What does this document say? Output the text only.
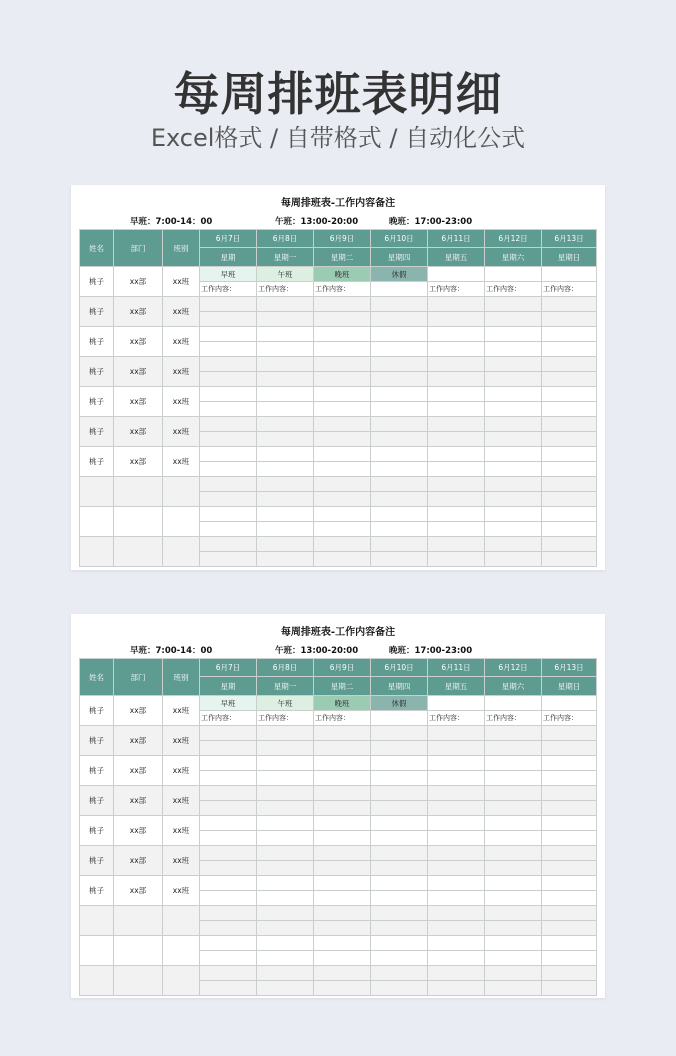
每周排班表明细
Excel格式 / 自带格式 / 自动化公式
每周排班表-工作内容备注
早班：7:00-14：00	午班：13:00-20:00	晚班：17:00-23:00
姓名	部门	班别	6月7日	6月8日	6月9日	6月10日	6月11日	6月12日	6月13日
			星期	星期一	星期二	星期四	星期五	星期六	星期日
桃子	xx部	xx班	早班	午班	晚班	休假			
			工作内容：	工作内容：	工作内容：		工作内容：	工作内容：	工作内容：
桃子	xx部	xx班							

桃子	xx部	xx班							

桃子	xx部	xx班							

桃子	xx部	xx班							

桃子	xx部	xx班							

桃子	xx部	xx班							

每周排班表-工作内容备注
早班：7:00-14：00	午班：13:00-20:00	晚班：17:00-23:00
姓名	部门	班别	6月7日	6月8日	6月9日	6月10日	6月11日	6月12日	6月13日
			星期	星期一	星期二	星期四	星期五	星期六	星期日
桃子	xx部	xx班	早班	午班	晚班	休假			
			工作内容：	工作内容：	工作内容：		工作内容：	工作内容：	工作内容：
桃子	xx部	xx班							

桃子	xx部	xx班							

桃子	xx部	xx班							

桃子	xx部	xx班							

桃子	xx部	xx班							

桃子	xx部	xx班							
